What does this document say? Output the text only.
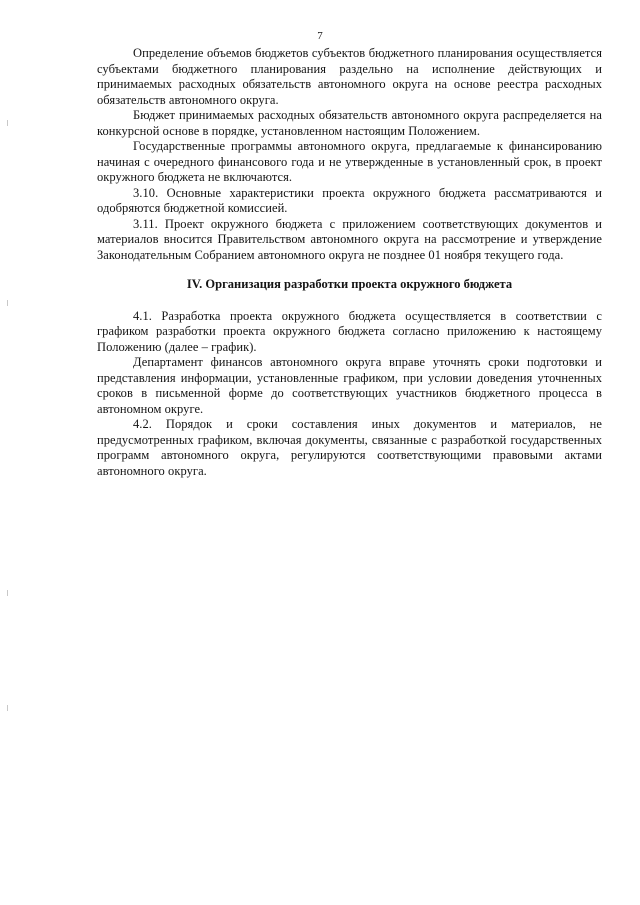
7

Определение объемов бюджетов субъектов бюджетного планирования осуществляется субъектами бюджетного планирования раздельно на исполнение действующих и принимаемых расходных обязательств автономного округа на основе реестра расходных обязательств автономного округа.

Бюджет принимаемых расходных обязательств автономного округа распределяется на конкурсной основе в порядке, установленном настоящим Положением.

Государственные программы автономного округа, предлагаемые к финансированию начиная с очередного финансового года и не утвержденные в установленный срок, в проект окружного бюджета не включаются.

3.10. Основные характеристики проекта окружного бюджета рассматриваются и одобряются бюджетной комиссией.

3.11. Проект окружного бюджета с приложением соответствующих документов и материалов вносится Правительством автономного округа на рассмотрение и утверждение Законодательным Собранием автономного округа не позднее 01 ноября текущего года.

IV. Организация разработки проекта окружного бюджета

4.1. Разработка проекта окружного бюджета осуществляется в соответствии с графиком разработки проекта окружного бюджета согласно приложению к настоящему Положению (далее – график).

Департамент финансов автономного округа вправе уточнять сроки подготовки и представления информации, установленные графиком, при условии доведения уточненных сроков в письменной форме до соответствующих участников бюджетного процесса в автономном округе.

4.2. Порядок и сроки составления иных документов и материалов, не предусмотренных графиком, включая документы, связанные с разработкой государственных программ автономного округа, регулируются соответствующими правовыми актами автономного округа.
